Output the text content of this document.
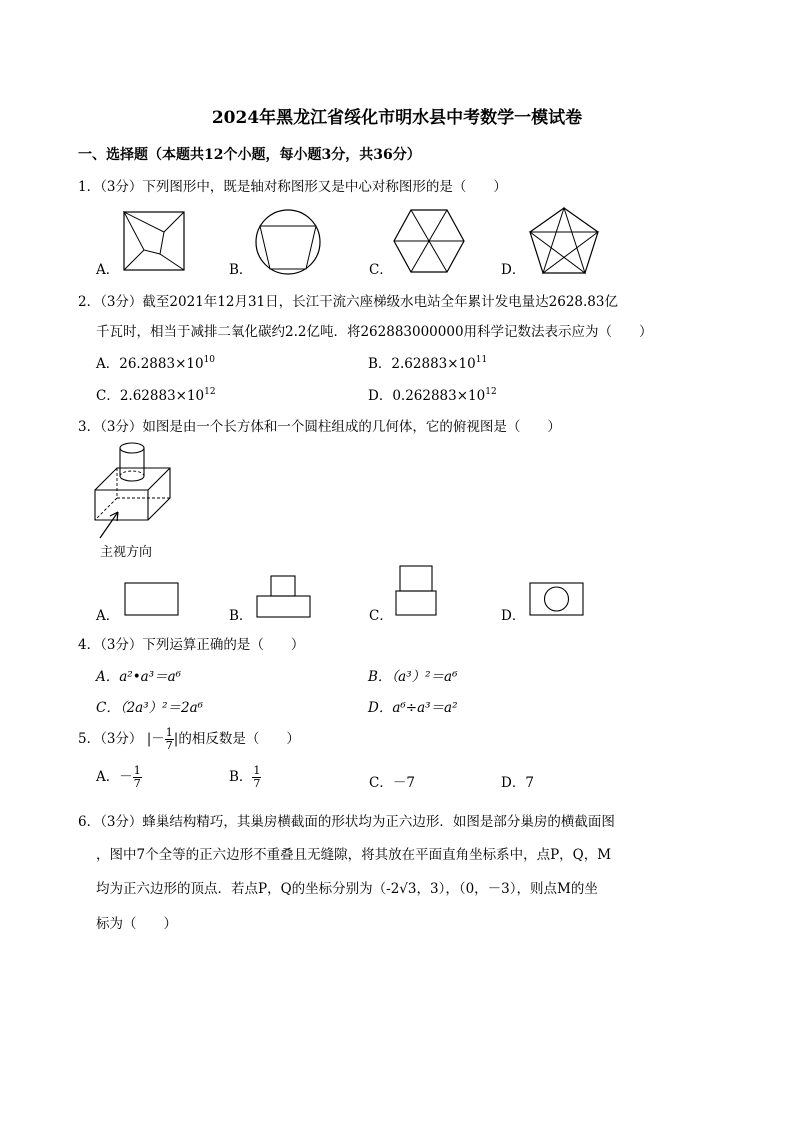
2024年黑龙江省绥化市明水县中考数学一模试卷
一、选择题（本题共12个小题，每小题3分，共36分）
1．（3分）下列图形中，既是轴对称图形又是中心对称图形的是（　　）
A．	B．	C．	D．
2．（3分）截至2021年12月31日，长江干流六座梯级水电站全年累计发电量达2628.83亿
千瓦时，相当于减排二氧化碳约2.2亿吨．将262883000000用科学记数法表示应为（　　）
A．$26.2883\times 10^{10}$	B．$2.62883\times 10^{11}$
C．$2.62883\times 10^{12}$	D．$0.262883\times 10^{12}$
3．（3分）如图是由一个长方体和一个圆柱组成的几何体，它的俯视图是（　　）
主视方向
A．	B．	C．	D．
4．（3分）下列运算正确的是（　　）
A．a²•a³＝a⁶	B．（a³）²＝a⁶
C．（2a³）²＝2a⁶	D．a⁶÷a³＝a²
5．（3分） |－ $\frac{1}{7}$ |的相反数是（　　）
A．－ $\frac{1}{7}$	B． $\frac{1}{7}$	C．－7	D．7
6．（3分）蜂巢结构精巧，其巢房横截面的形状均为正六边形．如图是部分巢房的横截面图
，图中7个全等的正六边形不重叠且无缝隙，将其放在平面直角坐标系中，点P，Q，M
均为正六边形的顶点．若点P，Q的坐标分别为（-2√3，3），（0，－3），则点M的坐
标为（　　）
